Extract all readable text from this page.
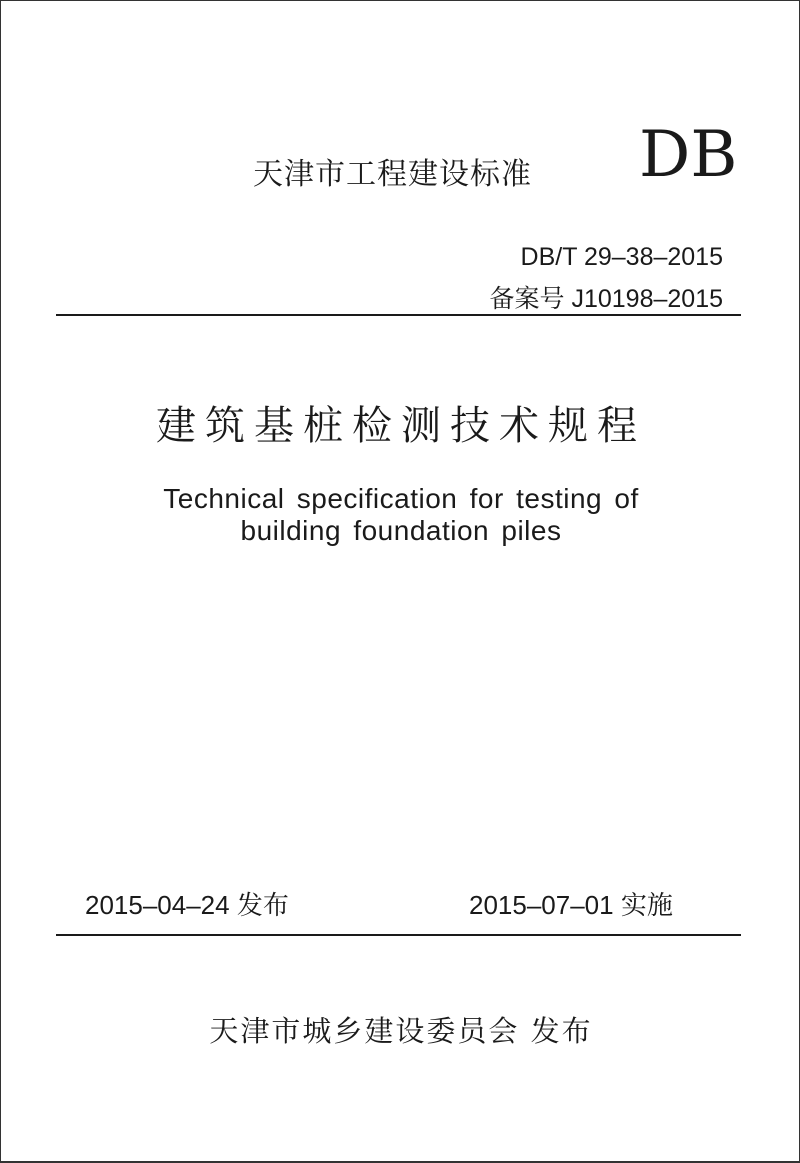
天津市工程建设标准 DB
DB/T 29–38–2015
备案号 J10198–2015
建筑基桩检测技术规程
Technical specification for testing of
building foundation piles
2015–04–24 发布	2015–07–01 实施
天津市城乡建设委员会 发布
